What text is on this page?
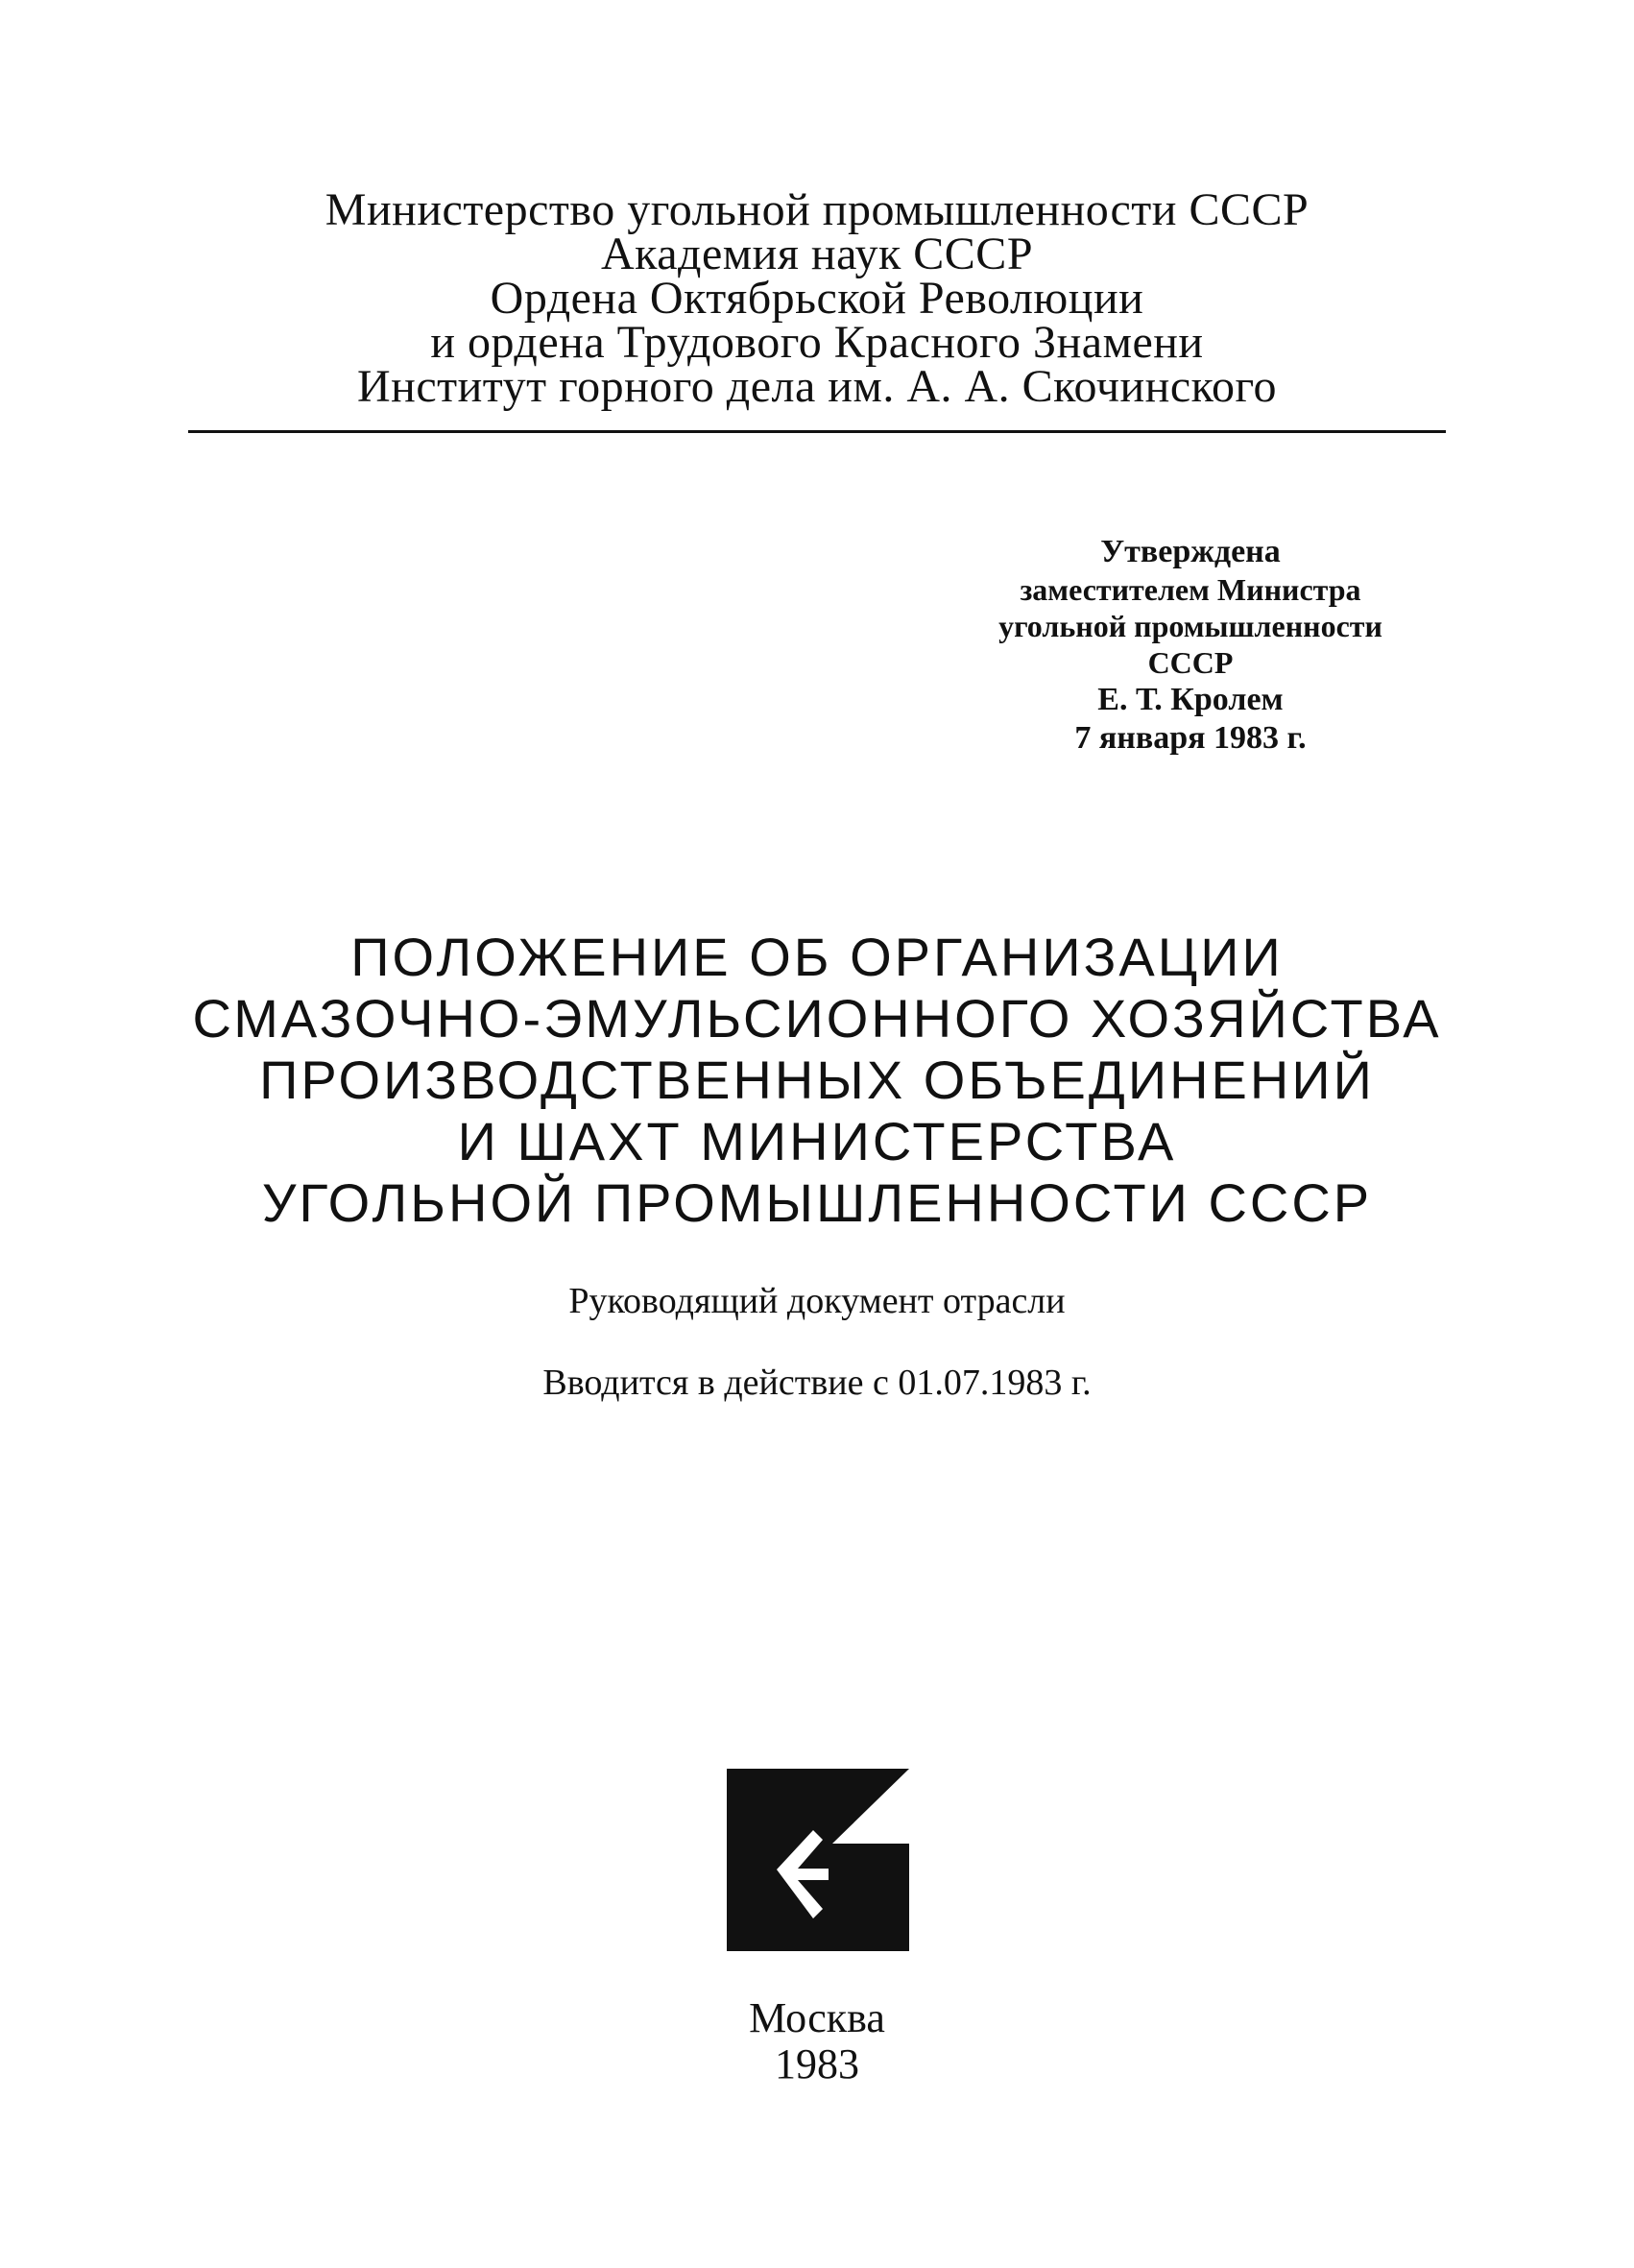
Министерство угольной промышленности СССР
Академия наук СССР
Ордена Октябрьской Революции
и ордена Трудового Красного Знамени
Институт горного дела им. А. А. Скочинского
Утверждена
заместителем Министра
угольной промышленности
СССР
Е. Т. Кролем
7 января 1983 г.
ПОЛОЖЕНИЕ ОБ ОРГАНИЗАЦИИ
СМАЗОЧНО-ЭМУЛЬСИОННОГО ХОЗЯЙСТВА
ПРОИЗВОДСТВЕННЫХ ОБЪЕДИНЕНИЙ
И ШАХТ МИНИСТЕРСТВА
УГОЛЬНОЙ ПРОМЫШЛЕННОСТИ СССР
Руководящий документ отрасли
Вводится в действие с 01.07.1983 г.
Москва
1983
